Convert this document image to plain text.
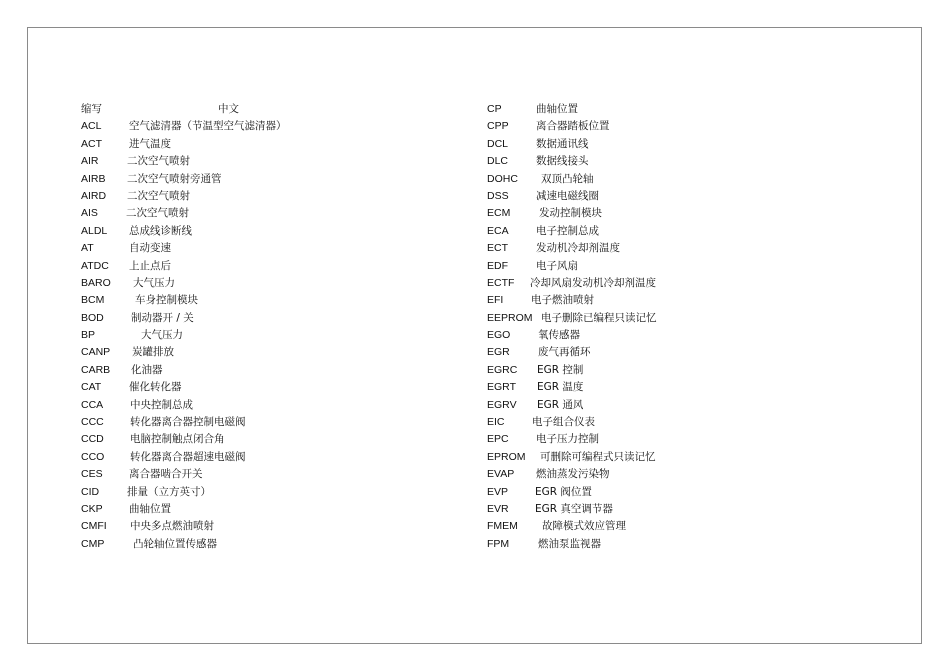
缩写	中文
ACL	空气滤清器（节温型空气滤清器）
ACT	进气温度
AIR	二次空气喷射
AIRB 二次空气喷射旁通管
AIRD 二次空气喷射
AIS	二次空气喷射
ALDL 总成线诊断线
AT	自动变速
ATDC 上止点后
BARO 大气压力
BCM	车身控制模块
BOD	制动器开 / 关
BP	大气压力
CANP 炭罐排放
CARB 化油器
CAT	催化转化器
CCA	中央控制总成
CCC	转化器离合器控制电磁阀
CCD	电脑控制触点闭合角
CCO 转化器离合器超速电磁阀
CES	离合器啮合开关
CID	排量（立方英寸）
CKP	曲轴位置
CMFI 中央多点燃油喷射
CMP	凸轮轴位置传感器
CP	曲轴位置
CPP	离合器踏板位置
DCL	数据通讯线
DLC	数据线接头
DOHC 双顶凸轮轴
DSS	减速电磁线圈
ECM	发动控制模块
ECA	电子控制总成
ECT	发动机冷却剂温度
EDF	电子风扇
ECTF 冷却风扇发动机冷却剂温度
EFI	电子燃油喷射
EEPROM 电子删除已编程只读记忆
EGO	氧传感器
EGR	废气再循环
EGRC EGR 控制
EGRT EGR 温度
EGRV EGR 通风
EIC	电子组合仪表
EPC	电子压力控制
EPROM 可删除可编程式只读记忆
EVAP 燃油蒸发污染物
EVP	EGR 阀位置
EVR	EGR 真空调节器
FMEM 故障模式效应管理
FPM	燃油泵监视器
